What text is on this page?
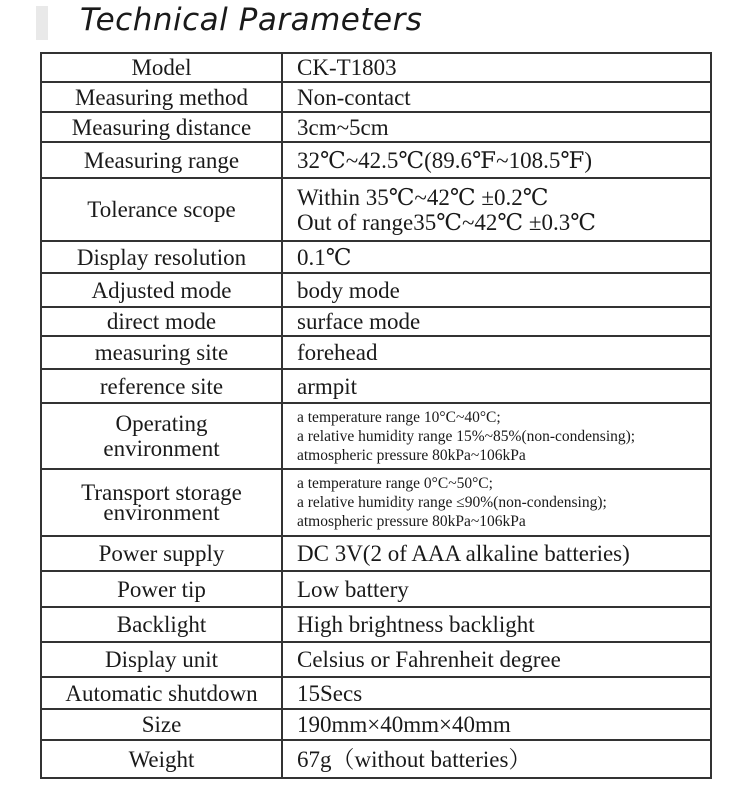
Technical Parameters
Model	CK-T1803

Measuring method	Non-contact

Measuring distance	3cm~5cm

Measuring range	32℃~42.5℃(89.6℉~108.5℉)

Tolerance scope	Within 35℃~42℃ ±0.2℃
Out of range35℃~42℃ ±0.3℃

Display resolution	0.1℃

Adjusted mode	body mode

direct mode	surface mode

measuring site	forehead

reference site	armpit

Operating
environment	a temperature range 10°C~40°C;
a relative humidity range 15%~85%(non-condensing);
atmospheric pressure 80kPa~106kPa

Transport storage
environment	a temperature range 0°C~50°C;
a relative humidity range ≤90%(non-condensing);
atmospheric pressure 80kPa~106kPa

Power supply	DC 3V(2 of AAA alkaline batteries)

Power tip	Low battery

Backlight	High brightness backlight

Display unit	Celsius or Fahrenheit degree

Automatic shutdown	15Secs

Size	190mm×40mm×40mm

Weight	67g（without batteries）
